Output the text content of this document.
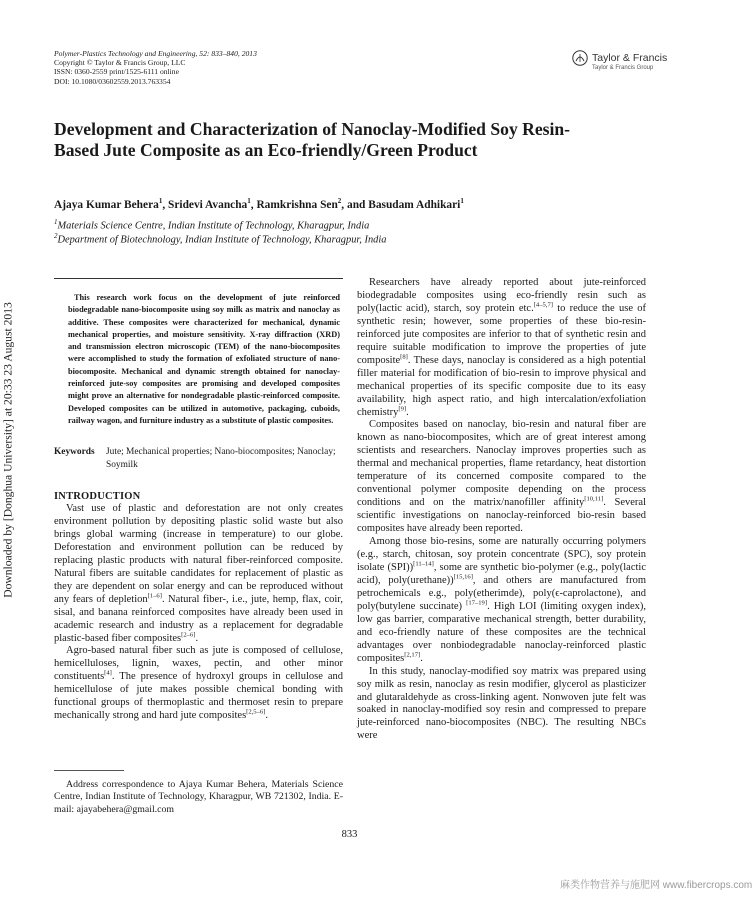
Polymer-Plastics Technology and Engineering, 52: 833–840, 2013
Copyright © Taylor & Francis Group, LLC
ISSN: 0360-2559 print/1525-6111 online
DOI: 10.1080/03602559.2013.763354
Taylor & Francis
Taylor & Francis Group
Downloaded by [Donghua University] at 20:33 23 August 2013
Development and Characterization of Nanoclay-Modified Soy Resin-Based Jute Composite as an Eco-friendly/Green Product
Ajaya Kumar Behera$^1$, Sridevi Avancha$^1$, Ramkrishna Sen$^2$, and Basudam Adhikari$^1$
$^1$Materials Science Centre, Indian Institute of Technology, Kharagpur, India
$^2$Department of Biotechnology, Indian Institute of Technology, Kharagpur, India
This research work focus on the development of jute reinforced biodegradable nano-biocomposite using soy milk as matrix and nanoclay as additive. These composites were characterized for mechanical, dynamic mechanical properties, and moisture sensitivity. X-ray diffraction (XRD) and transmission electron microscopic (TEM) of the nano-biocomposites were accomplished to study the formation of exfoliated structure of nano-biocomposite. Mechanical and dynamic strength obtained for nanoclay-reinforced jute-soy composites are promising and developed composites might prove an alternative for nondegradable plastic-reinforced composite. Developed composites can be utilized in automotive, packaging, cuboids, railway wagon, and furniture industry as a substitute of plastic composites.
Keywords Jute; Mechanical properties; Nano-biocomposites; Nanoclay; Soymilk
INTRODUCTION

Vast use of plastic and deforestation are not only creates environment pollution by depositing plastic solid waste but also brings global warming (increase in temperature) to our globe. Deforestation and environment pollution can be reduced by replacing plastic products with natural fiber-reinforced composite. Natural fibers are suitable candidates for replacement of plastic as they are dependent on solar energy and can be reproduced without any fears of depletion[1–6]. Natural fiber-, i.e., jute, hemp, flax, coir, sisal, and banana reinforced composites have already been used in academic research and industry as a replacement for degradable plastic-based fiber composites[2–6].

Agro-based natural fiber such as jute is composed of cellulose, hemicelluloses, lignin, waxes, pectin, and other minor constituents[4]. The presence of hydroxyl groups in cellulose and hemicellulose of jute makes possible chemical bonding with functional groups of thermoplastic and thermoset resin to prepare mechanically strong and hard jute composites[2,5–6].

Researchers have already reported about jute-reinforced biodegradable composites using eco-friendly resin such as poly(lactic acid), starch, soy protein etc.[4–5,7] to reduce the use of synthetic resin; however, some properties of these bio-resin-reinforced jute composites are inferior to that of synthetic resin and require suitable modification to improve the properties of jute composite[8]. These days, nanoclay is considered as a high potential filler material for modification of bio-resin to improve physical and mechanical properties of its specific composite due to its easy availability, high aspect ratio, and high intercalation/exfoliation chemistry[9].

Composites based on nanoclay, bio-resin and natural fiber are known as nano-biocomposites, which are of great interest among scientists and researchers. Nanoclay improves properties such as thermal and mechanical properties, flame retardancy, heat distortion temperature of its concerned composite compared to the conventional polymer composite depending on the process conditions and on the matrix/nanofiller affinity[10,11]. Several scientific investigations on nanoclay-reinforced bio-resin based composites have already been reported.

Among those bio-resins, some are naturally occurring polymers (e.g., starch, chitosan, soy protein concentrate (SPC), soy protein isolate (SPI))[11–14], some are synthetic bio-polymer (e.g., poly(lactic acid), poly(urethane))[15,16], and others are manufactured from petrochemicals e.g., poly(etherimde), poly(ϵ-caprolactone), and poly(butylene succinate) [17–19]. High LOI (limiting oxygen index), low gas barrier, comparative mechanical strength, better durability, and eco-friendly nature of these composites are the technical advantages over nonbiodegradable nanoclay-reinforced plastic composites[2,17].

In this study, nanoclay-modified soy matrix was prepared using soy milk as resin, nanoclay as resin modifier, glycerol as plasticizer and glutaraldehyde as cross-linking agent. Nonwoven jute felt was soaked in nanoclay-modified soy resin and compressed to prepare jute-reinforced nano-biocomposites (NBC). The resulting NBCs were

Address correspondence to Ajaya Kumar Behera, Materials Science Centre, Indian Institute of Technology, Kharagpur, WB 721302, India. E-mail: ajayabehera@gmail.com
833
麻类作物营养与施肥网 www.fibercrops.com
